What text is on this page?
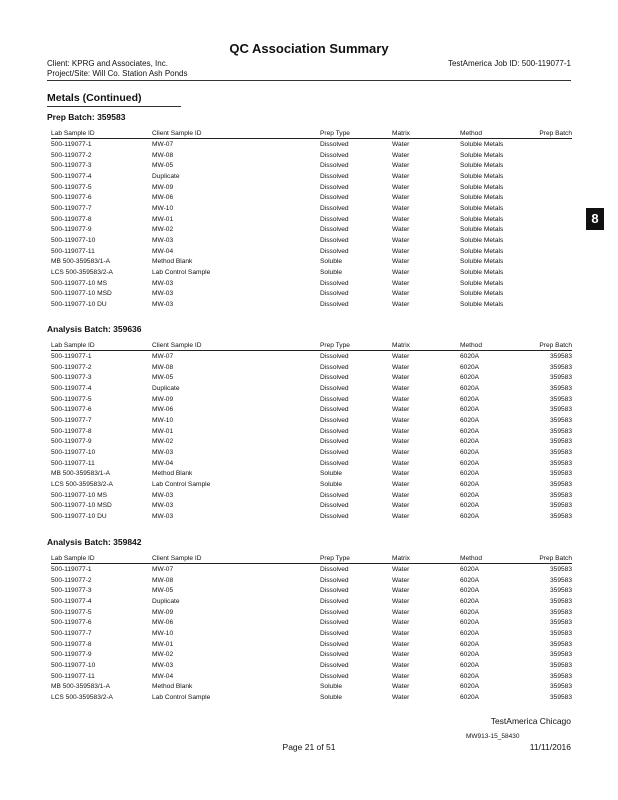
QC Association Summary
Client: KPRG and Associates, Inc.
Project/Site: Will Co. Station Ash Ponds
TestAmerica Job ID: 500-119077-1
Metals (Continued)
8
Prep Batch: 359583
Lab Sample ID	Client Sample ID	Prep Type	Matrix	Method	Prep Batch
500-119077-1	MW-07	Dissolved	Water	Soluble Metals	
500-119077-2	MW-08	Dissolved	Water	Soluble Metals	
500-119077-3	MW-05	Dissolved	Water	Soluble Metals	
500-119077-4	Duplicate	Dissolved	Water	Soluble Metals	
500-119077-5	MW-09	Dissolved	Water	Soluble Metals	
500-119077-6	MW-06	Dissolved	Water	Soluble Metals	
500-119077-7	MW-10	Dissolved	Water	Soluble Metals	
500-119077-8	MW-01	Dissolved	Water	Soluble Metals	
500-119077-9	MW-02	Dissolved	Water	Soluble Metals	
500-119077-10	MW-03	Dissolved	Water	Soluble Metals	
500-119077-11	MW-04	Dissolved	Water	Soluble Metals	
MB 500-359583/1-A	Method Blank	Soluble	Water	Soluble Metals	
LCS 500-359583/2-A	Lab Control Sample	Soluble	Water	Soluble Metals	
500-119077-10 MS	MW-03	Dissolved	Water	Soluble Metals	
500-119077-10 MSD	MW-03	Dissolved	Water	Soluble Metals	
500-119077-10 DU	MW-03	Dissolved	Water	Soluble Metals	
Analysis Batch: 359636
Lab Sample ID	Client Sample ID	Prep Type	Matrix	Method	Prep Batch
500-119077-1	MW-07	Dissolved	Water	6020A	359583
500-119077-2	MW-08	Dissolved	Water	6020A	359583
500-119077-3	MW-05	Dissolved	Water	6020A	359583
500-119077-4	Duplicate	Dissolved	Water	6020A	359583
500-119077-5	MW-09	Dissolved	Water	6020A	359583
500-119077-6	MW-06	Dissolved	Water	6020A	359583
500-119077-7	MW-10	Dissolved	Water	6020A	359583
500-119077-8	MW-01	Dissolved	Water	6020A	359583
500-119077-9	MW-02	Dissolved	Water	6020A	359583
500-119077-10	MW-03	Dissolved	Water	6020A	359583
500-119077-11	MW-04	Dissolved	Water	6020A	359583
MB 500-359583/1-A	Method Blank	Soluble	Water	6020A	359583
LCS 500-359583/2-A	Lab Control Sample	Soluble	Water	6020A	359583
500-119077-10 MS	MW-03	Dissolved	Water	6020A	359583
500-119077-10 MSD	MW-03	Dissolved	Water	6020A	359583
500-119077-10 DU	MW-03	Dissolved	Water	6020A	359583
Analysis Batch: 359842
Lab Sample ID	Client Sample ID	Prep Type	Matrix	Method	Prep Batch
500-119077-1	MW-07	Dissolved	Water	6020A	359583
500-119077-2	MW-08	Dissolved	Water	6020A	359583
500-119077-3	MW-05	Dissolved	Water	6020A	359583
500-119077-4	Duplicate	Dissolved	Water	6020A	359583
500-119077-5	MW-09	Dissolved	Water	6020A	359583
500-119077-6	MW-06	Dissolved	Water	6020A	359583
500-119077-7	MW-10	Dissolved	Water	6020A	359583
500-119077-8	MW-01	Dissolved	Water	6020A	359583
500-119077-9	MW-02	Dissolved	Water	6020A	359583
500-119077-10	MW-03	Dissolved	Water	6020A	359583
500-119077-11	MW-04	Dissolved	Water	6020A	359583
MB 500-359583/1-A	Method Blank	Soluble	Water	6020A	359583
LCS 500-359583/2-A	Lab Control Sample	Soluble	Water	6020A	359583
TestAmerica Chicago
MW913-15_58430
Page 21 of 51	11/11/2016
